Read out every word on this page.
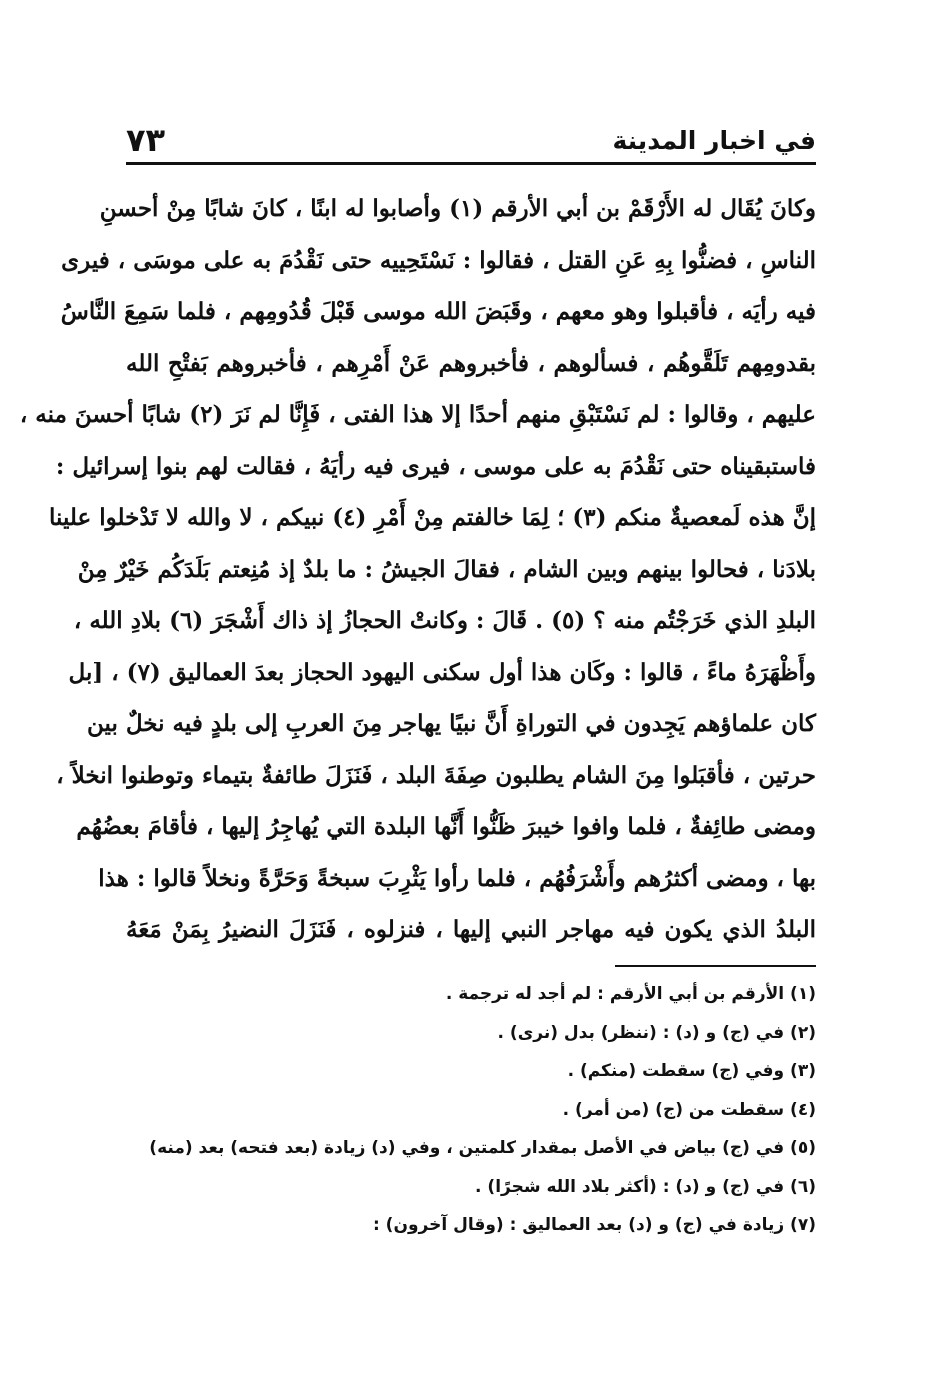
في اخبار المدينة
٧٣
وكانَ يُقَال له الأَرْقَمْ بن أبي الأرقم (١) وأصابوا له ابنًا ، كانَ شابًا مِنْ أحسنِ
الناسِ ، فضنُّوا بِهِ عَنِ القتل ، فقالوا : نَسْتَحِييه حتى نَقْدُمَ به على موسَى ، فيرى
فيه رأيَه ، فأقبلوا وهو معهم ، وقَبَضَ الله موسى قَبْلَ قُدُومِهم ، فلما سَمِعَ النَّاسُ
بقدومِهم تَلَقَّوهُم ، فسألوهم ، فأخبروهم عَنْ أَمْرِهم ، فأخبروهم بَفتْحِ الله
عليهم ، وقالوا : لم نَسْتَبْقِ منهم أحدًا إلا هذا الفتى ، فَإِنَّا لم نَرَ (٢) شابًا أحسنَ منه ،
فاستبقيناه حتى نَقْدُمَ به على موسى ، فيرى فيه رأيَهُ ، فقالت لهم بنوا إسرائيل :
إنَّ هذه لَمعصيةٌ منكم (٣) ؛ لِمَا خالفتم مِنْ أَمْرِ (٤) نبيكم ، لا والله لا تَدْخلوا علينا
بلادَنا ، فحالوا بينهم وبين الشام ، فقالَ الجيشُ : ما بلدٌ إذ مُنِعتم بَلَدَكُم خَيْرٌ مِنْ
البلدِ الذي خَرَجْتُم منه ؟ (٥) . قَالَ : وكانتْ الحجازُ إذ ذاك أَشْجَرَ (٦) بلادِ الله ،
وأَظْهَرَهُ ماءً ، قالوا : وكَان هذا أول سكنى اليهود الحجاز بعدَ العماليق (٧) ، [بل
كان علماؤهم يَجِدون في التوراةِ أَنَّ نبيًا يهاجر مِنَ العربِ إلى بلدٍ فيه نخلٌ بين
حرتين ، فأقبَلوا مِنَ الشام يطلبون صِفَةَ البلد ، فَنَزَلَ طائفةٌ بتيماء وتوطنوا انخلاً ،
ومضى طائِفةٌ ، فلما وافوا خيبرَ ظَنُّوا أَنَّها البلدة التي يُهاجِرُ إليها ، فأقامَ بعضُهُم
بها ، ومضى أكثرُهم وأَشْرَفُهُم ، فلما رأوا يَثْرِبَ سبخةً وَحَرَّةً ونخلاً قالوا : هذا
البلدُ الذي يكون فيه مهاجر النبي إليها ، فنزلوه ، فَنَزَلَ النضيرُ بِمَنْ مَعَهُ
(١) الأرقم بن أبي الأرقم : لم أجد له ترجمة .
(٢) في (ج) و (د) : (ننظر) بدل (نرى) .
(٣) وفي (ج) سقطت (منكم) .
(٤) سقطت من (ج) (من أمر) .
(٥) في (ج) بياض في الأصل بمقدار كلمتين ، وفي (د) زيادة (بعد فتحه) بعد (منه)
(٦) في (ج) و (د) : (أكثر بلاد الله شجرًا) .
(٧) زيادة في (ج) و (د) بعد العماليق : (وقال آخرون) :
